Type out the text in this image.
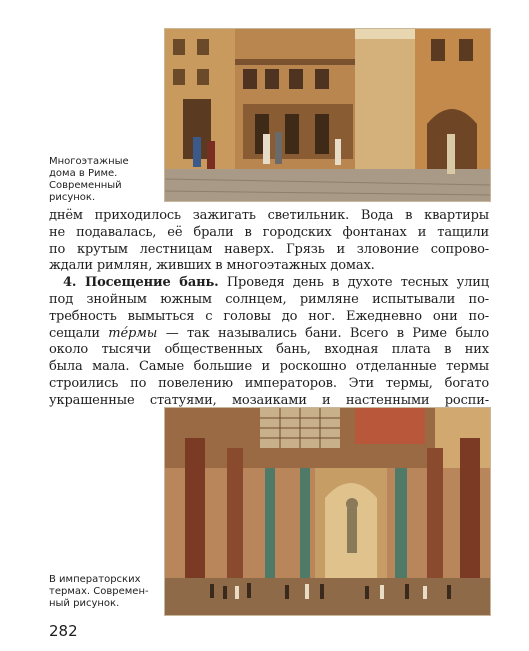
Многоэтажные дома в Риме. Современный рисунок.
днём приходилось зажигать светильник. Вода в квартиры
не подавалась, её брали в городских фонтанах и тащили
по крутым лестницам наверх. Грязь и зловоние сопрово-
ждали римлян, живших в многоэтажных домах.
4. Посещение бань. Проведя день в духоте тесных улиц
под знойным южным солнцем, римляне испытывали по-
требность вымыться с головы до ног. Ежедневно они по-
сещали тéрмы — так назывались бани. Всего в Риме было
около тысячи общественных бань, входная плата в них
была мала. Самые большие и роскошно отделанные термы
строились по повелению императоров. Эти термы, богато
украшенные статуями, мозаиками и настенными роспи-
В императорских термах. Современный рисунок.
282
